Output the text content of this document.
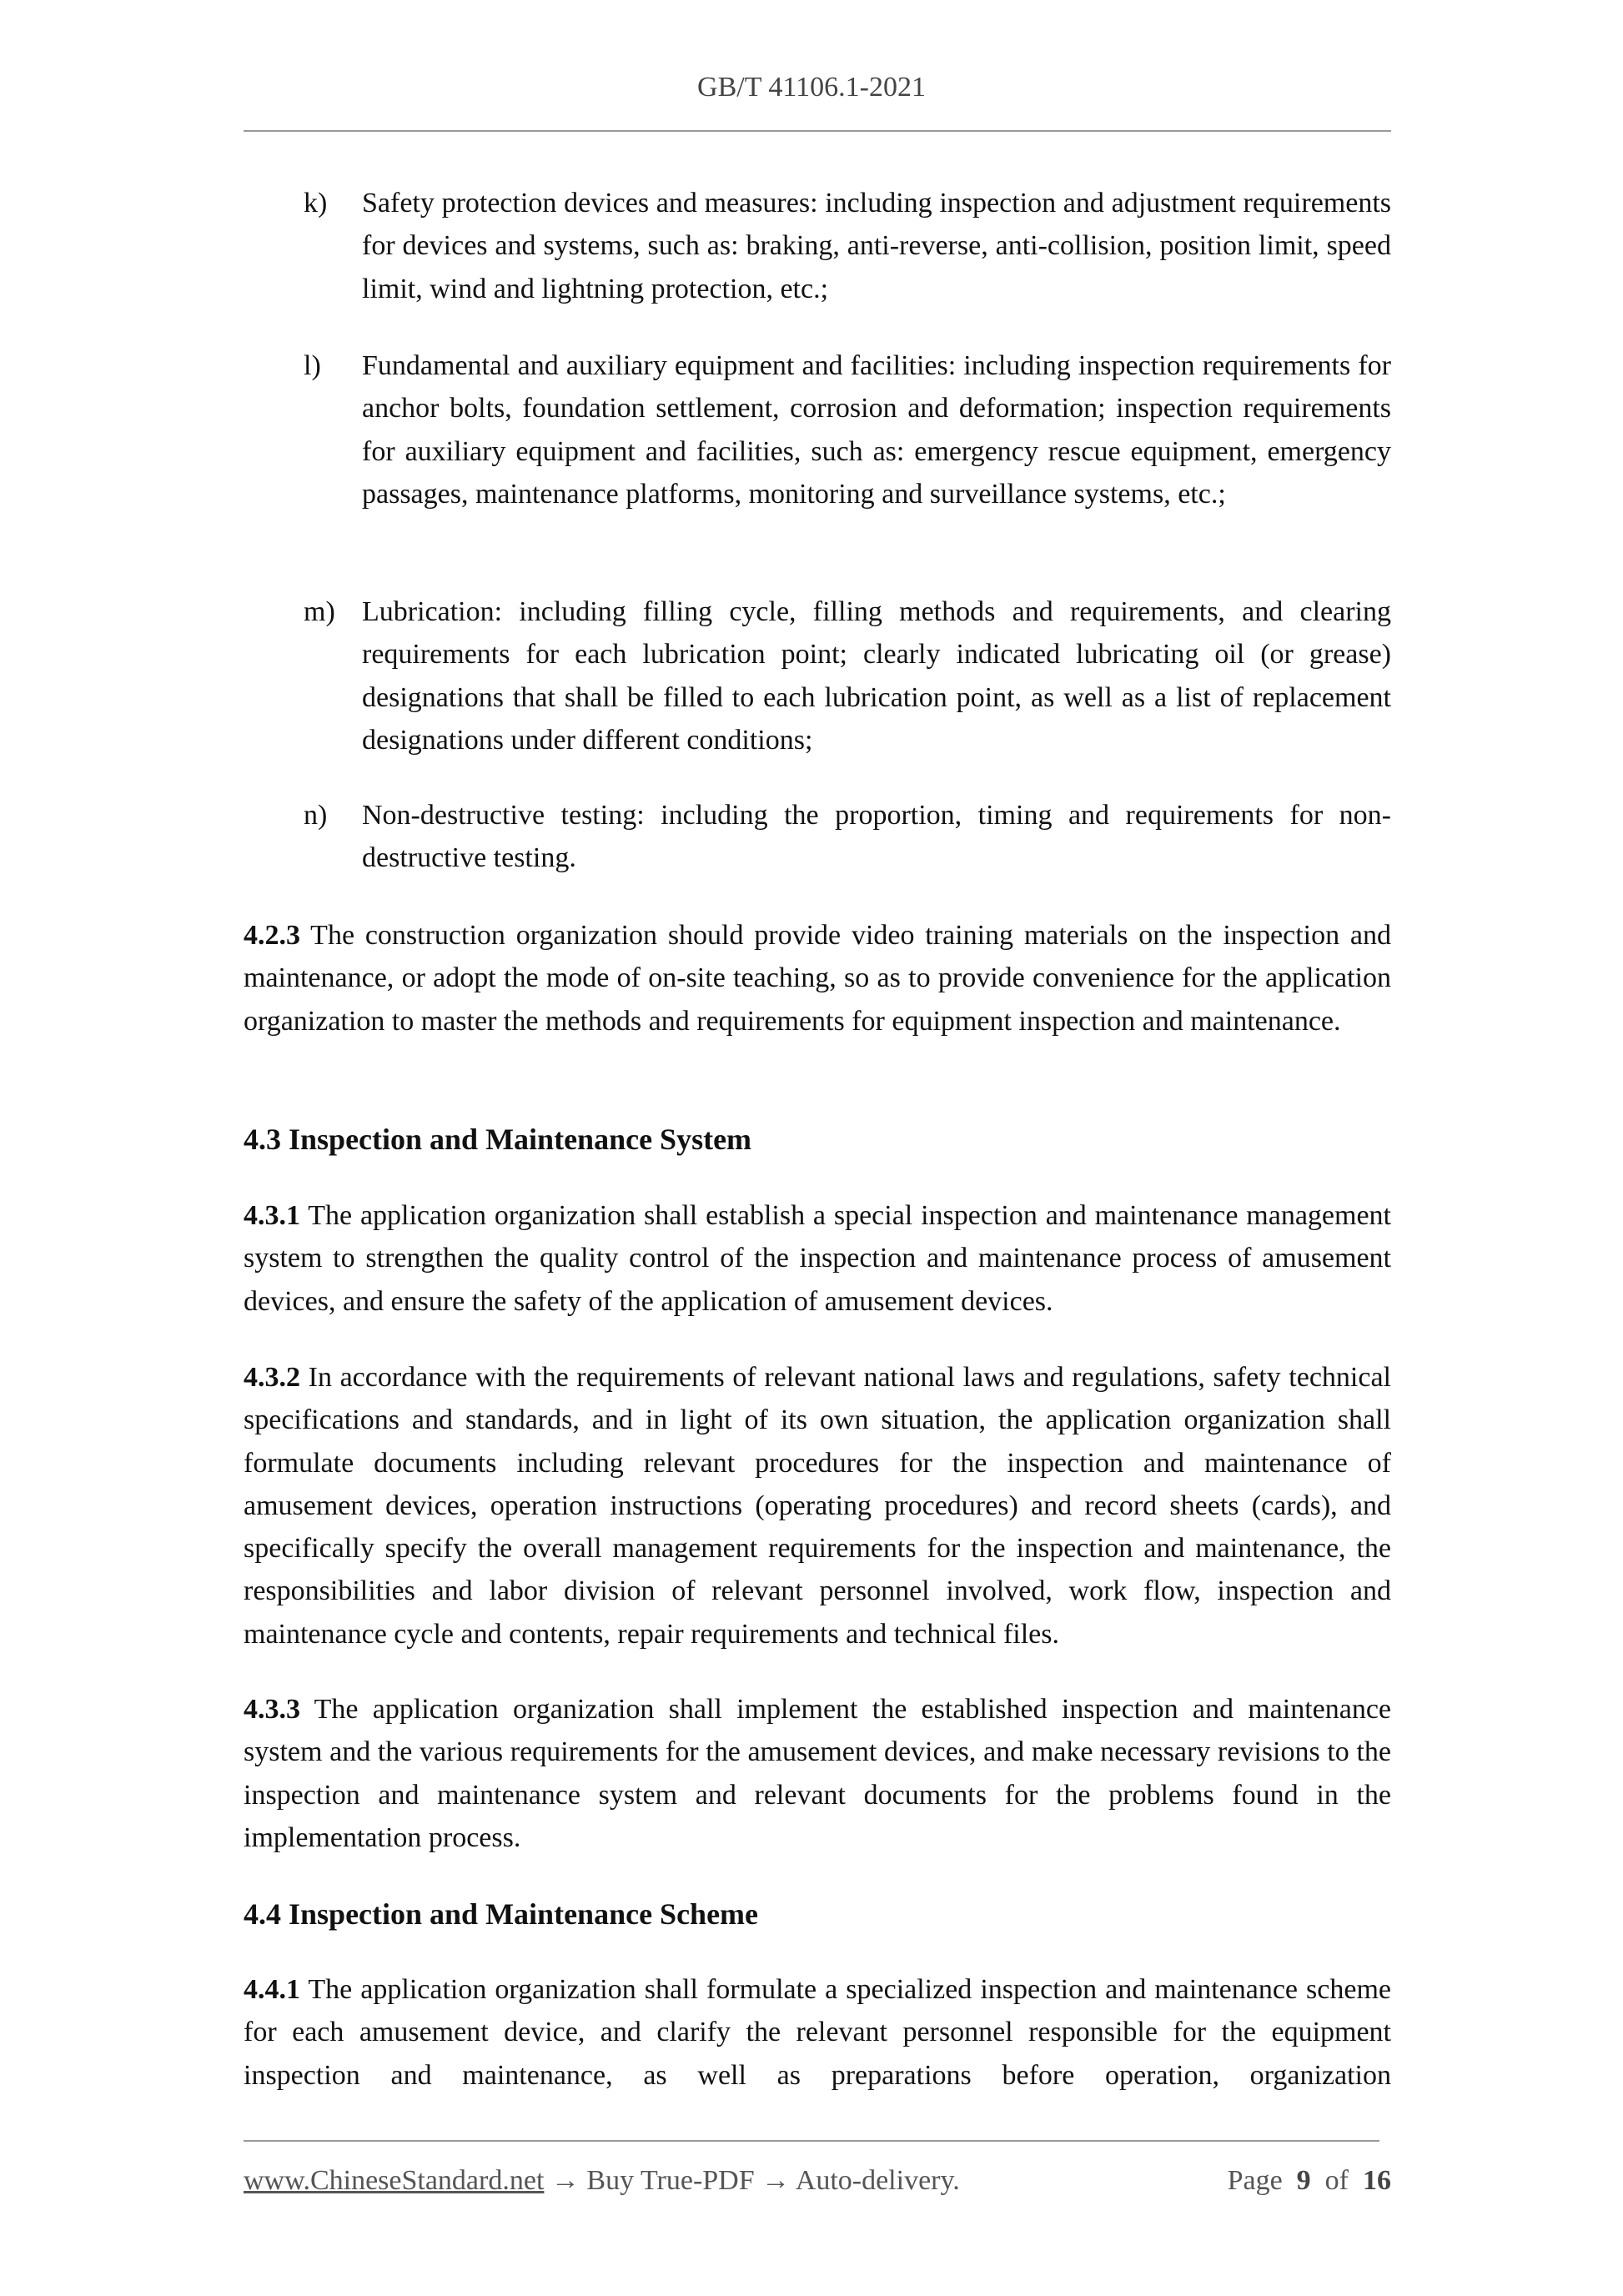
GB/T 41106.1-2021
k) Safety protection devices and measures: including inspection and adjustment requirements for devices and systems, such as: braking, anti-reverse, anti-collision, position limit, speed limit, wind and lightning protection, etc.;
l) Fundamental and auxiliary equipment and facilities: including inspection requirements for anchor bolts, foundation settlement, corrosion and deformation; inspection requirements for auxiliary equipment and facilities, such as: emergency rescue equipment, emergency passages, maintenance platforms, monitoring and surveillance systems, etc.;
m) Lubrication: including filling cycle, filling methods and requirements, and clearing requirements for each lubrication point; clearly indicated lubricating oil (or grease) designations that shall be filled to each lubrication point, as well as a list of replacement designations under different conditions;
n) Non-destructive testing: including the proportion, timing and requirements for non-destructive testing.
4.2.3 The construction organization should provide video training materials on the inspection and maintenance, or adopt the mode of on-site teaching, so as to provide convenience for the application organization to master the methods and requirements for equipment inspection and maintenance.
4.3 Inspection and Maintenance System
4.3.1 The application organization shall establish a special inspection and maintenance management system to strengthen the quality control of the inspection and maintenance process of amusement devices, and ensure the safety of the application of amusement devices.
4.3.2 In accordance with the requirements of relevant national laws and regulations, safety technical specifications and standards, and in light of its own situation, the application organization shall formulate documents including relevant procedures for the inspection and maintenance of amusement devices, operation instructions (operating procedures) and record sheets (cards), and specifically specify the overall management requirements for the inspection and maintenance, the responsibilities and labor division of relevant personnel involved, work flow, inspection and maintenance cycle and contents, repair requirements and technical files.
4.3.3 The application organization shall implement the established inspection and maintenance system and the various requirements for the amusement devices, and make necessary revisions to the inspection and maintenance system and relevant documents for the problems found in the implementation process.
4.4 Inspection and Maintenance Scheme
4.4.1 The application organization shall formulate a specialized inspection and maintenance scheme for each amusement device, and clarify the relevant personnel responsible for the equipment inspection and maintenance, as well as preparations before operation, organization
www.ChineseStandard.net → Buy True-PDF → Auto-delivery.	Page 9 of 16
